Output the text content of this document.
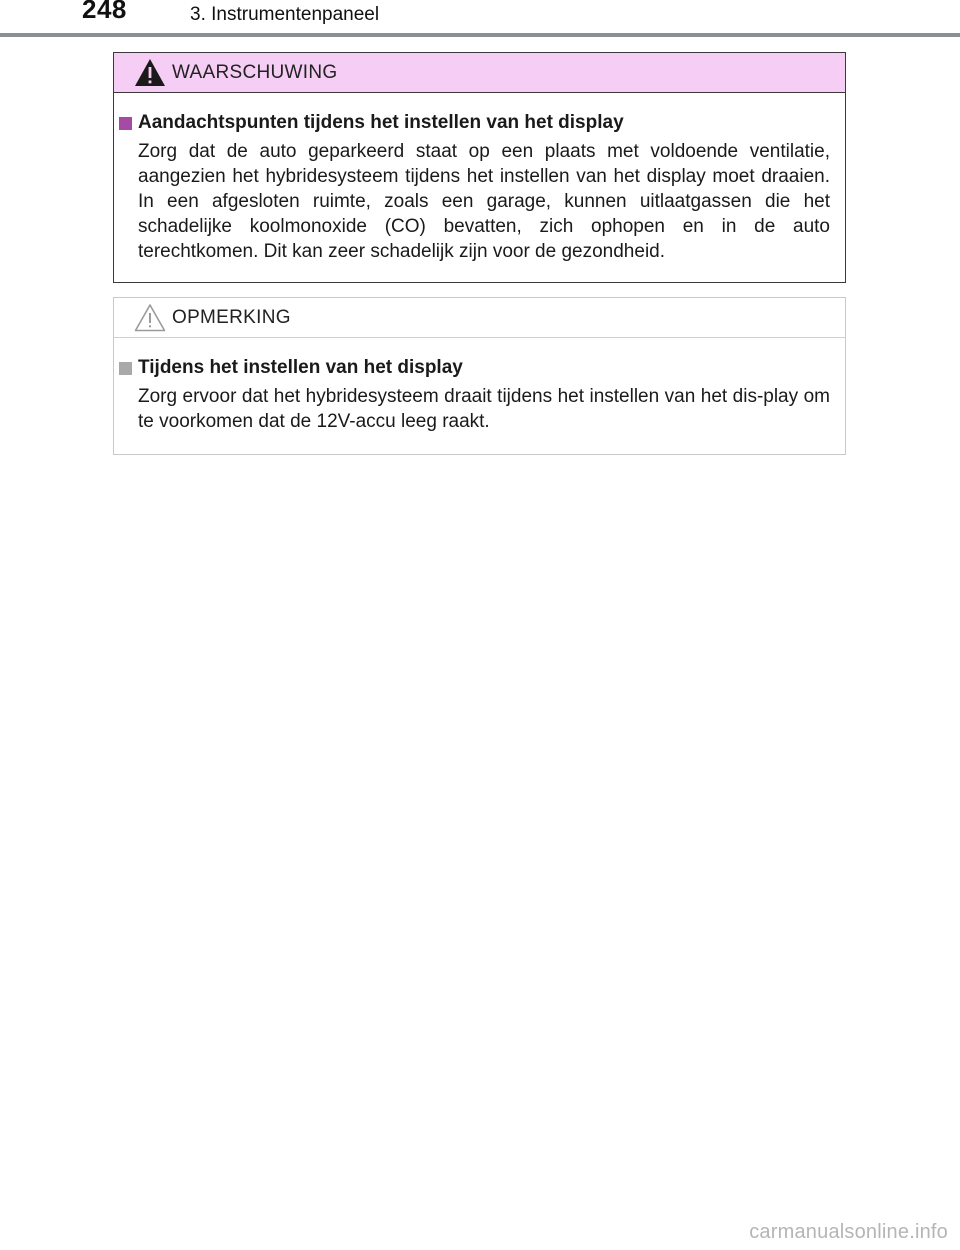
248	3. Instrumentenpaneel
WAARSCHUWING
Aandachtspunten tijdens het instellen van het display
Zorg dat de auto geparkeerd staat op een plaats met voldoende ventilatie, aangezien het hybridesysteem tijdens het instellen van het display moet draaien. In een afgesloten ruimte, zoals een garage, kunnen uitlaatgassen die het schadelijke koolmonoxide (CO) bevatten, zich ophopen en in de auto terechtkomen. Dit kan zeer schadelijk zijn voor de gezondheid.
OPMERKING
Tijdens het instellen van het display
Zorg ervoor dat het hybridesysteem draait tijdens het instellen van het dis-play om te voorkomen dat de 12V-accu leeg raakt.
carmanualsonline.info
